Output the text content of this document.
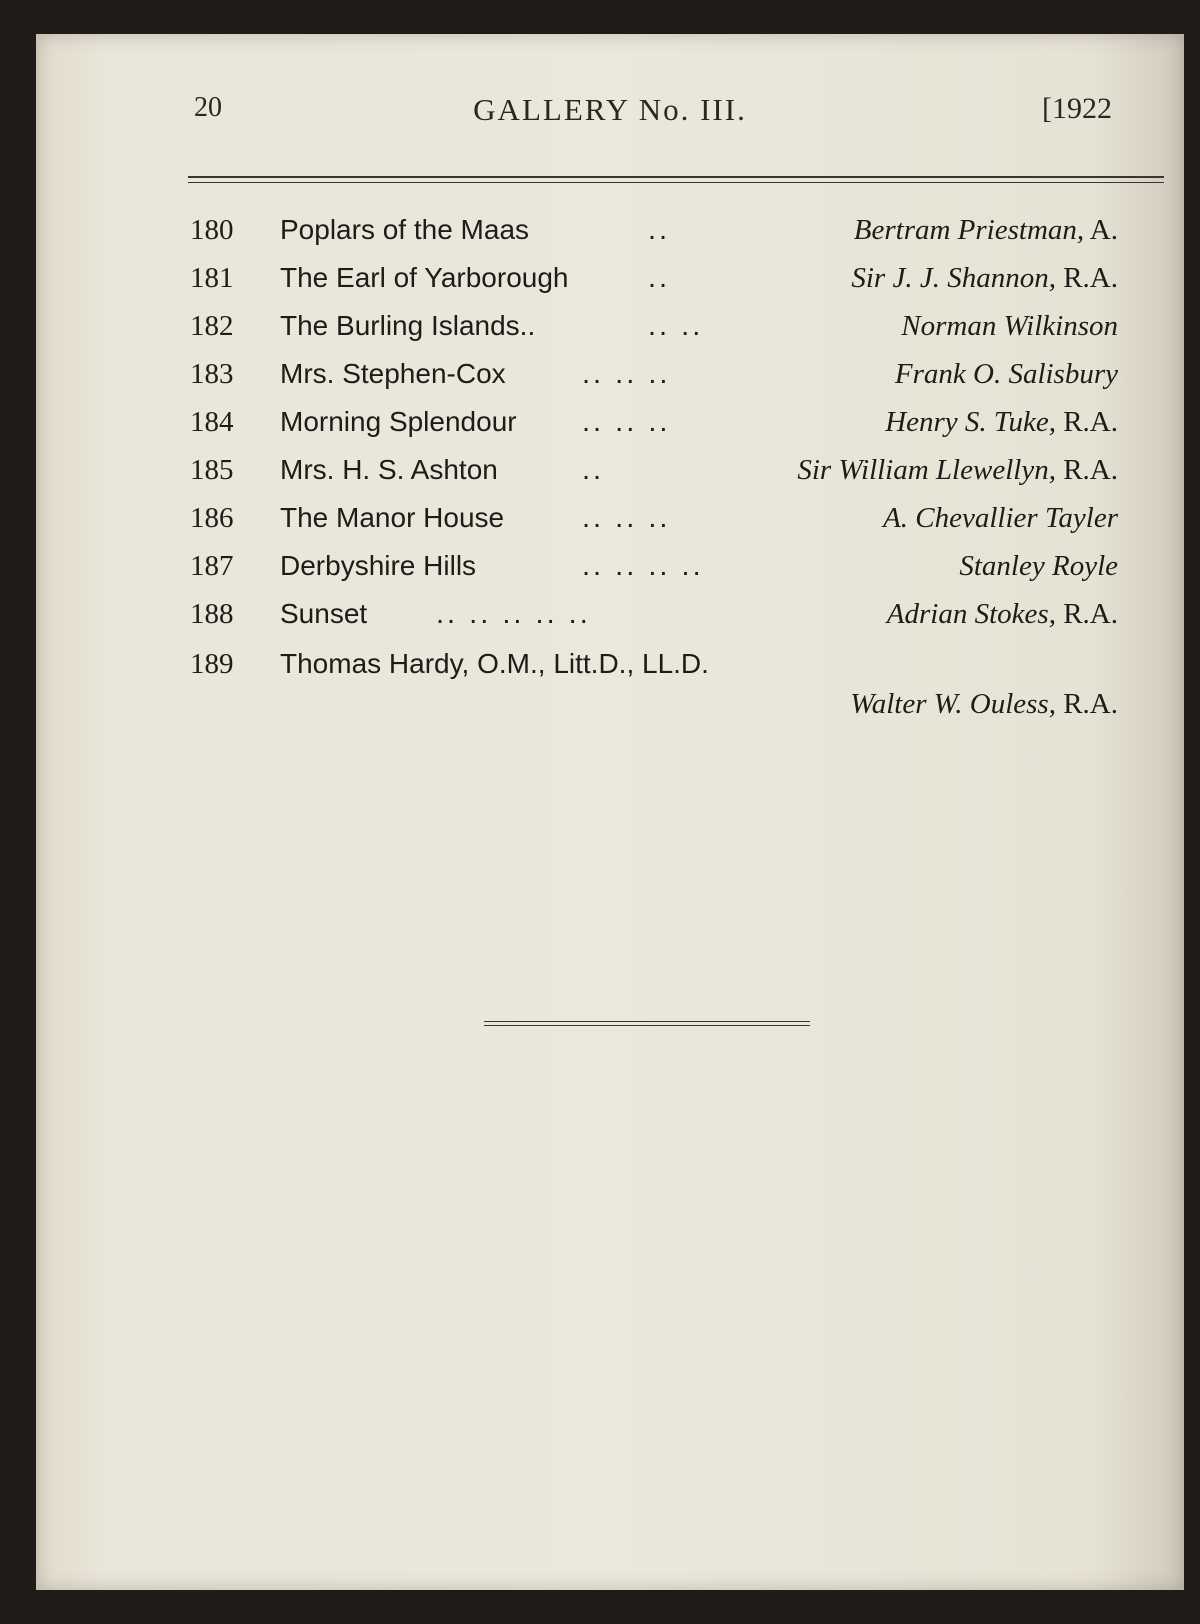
20	GALLERY No. III.	[1922
180	Poplars of the Maas	..	Bertram Priestman, A.
181	The Earl of Yarborough	..	Sir J. J. Shannon, R.A.
182	The Burling Islands..	.. ..	Norman Wilkinson
183	Mrs. Stephen-Cox	.. .. ..	Frank O. Salisbury
184	Morning Splendour .. .. ..	Henry S. Tuke, R.A.
185	Mrs. H. S. Ashton	..	Sir William Llewellyn, R.A.
186	The Manor House	.. .. ..	A. Chevallier Tayler
187	Derbyshire Hills	.. .. .. ..	Stanley Royle
188	Sunset .. .. .. .. ..	Adrian Stokes, R.A.
189	Thomas Hardy, O.M., Litt.D., LL.D.
Walter W. Ouless, R.A.
